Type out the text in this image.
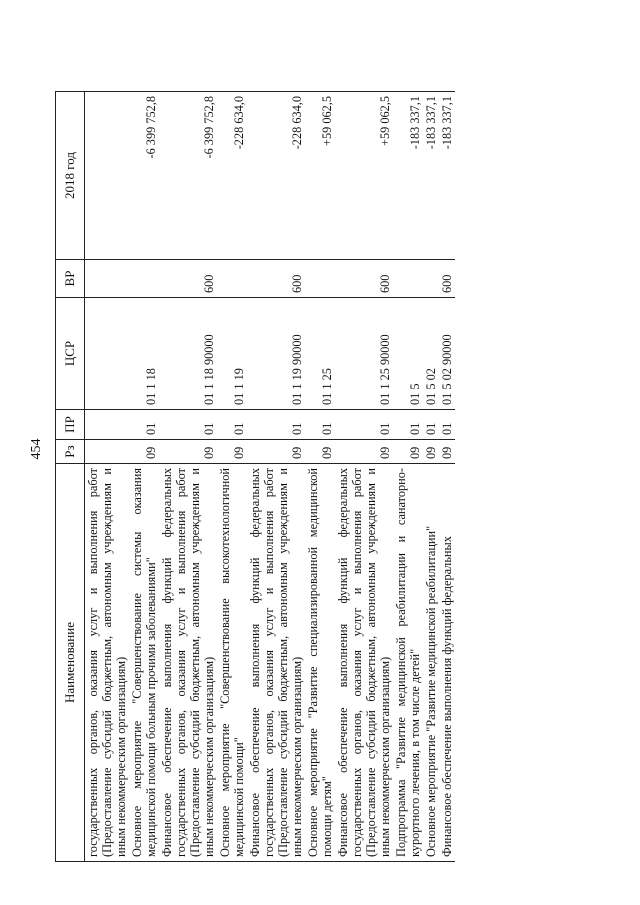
454
Наименование	Рз	ПР	ЦСР	ВР	2018 год
государственных органов, оказания услуг и выполнения работ (Предоставление субсидий бюджетным, автономным учреждениям и иным некоммерческим организациям)					
Основное мероприятие "Совершенствование системы оказания медицинской помощи больным прочими заболеваниями"	09	01	01 1 18		-6 399 752,8
Финансовое обеспечение выполнения функций федеральных государственных органов, оказания услуг и выполнения работ (Предоставление субсидий бюджетным, автономным учреждениям и иным некоммерческим организациям)	09	01	01 1 18 90000	600	-6 399 752,8
Основное мероприятие "Совершенствование высокотехнологичной медицинской помощи"	09	01	01 1 19		-228 634,0
Финансовое обеспечение выполнения функций федеральных государственных органов, оказания услуг и выполнения работ (Предоставление субсидий бюджетным, автономным учреждениям и иным некоммерческим организациям)	09	01	01 1 19 90000	600	-228 634,0
Основное мероприятие "Развитие специализированной медицинской помощи детям"	09	01	01 1 25		+59 062,5
Финансовое обеспечение выполнения функций федеральных государственных органов, оказания услуг и выполнения работ (Предоставление субсидий бюджетным, автономным учреждениям и иным некоммерческим организациям)	09	01	01 1 25 90000	600	+59 062,5
Подпрограмма "Развитие медицинской реабилитации и санаторно-курортного лечения, в том числе детей"	09	01	01 5		-183 337,1
Основное мероприятие "Развитие медицинской реабилитации"	09	01	01 5 02		-183 337,1
Финансовое обеспечение выполнения функций федеральных	09	01	01 5 02 90000	600	-183 337,1
